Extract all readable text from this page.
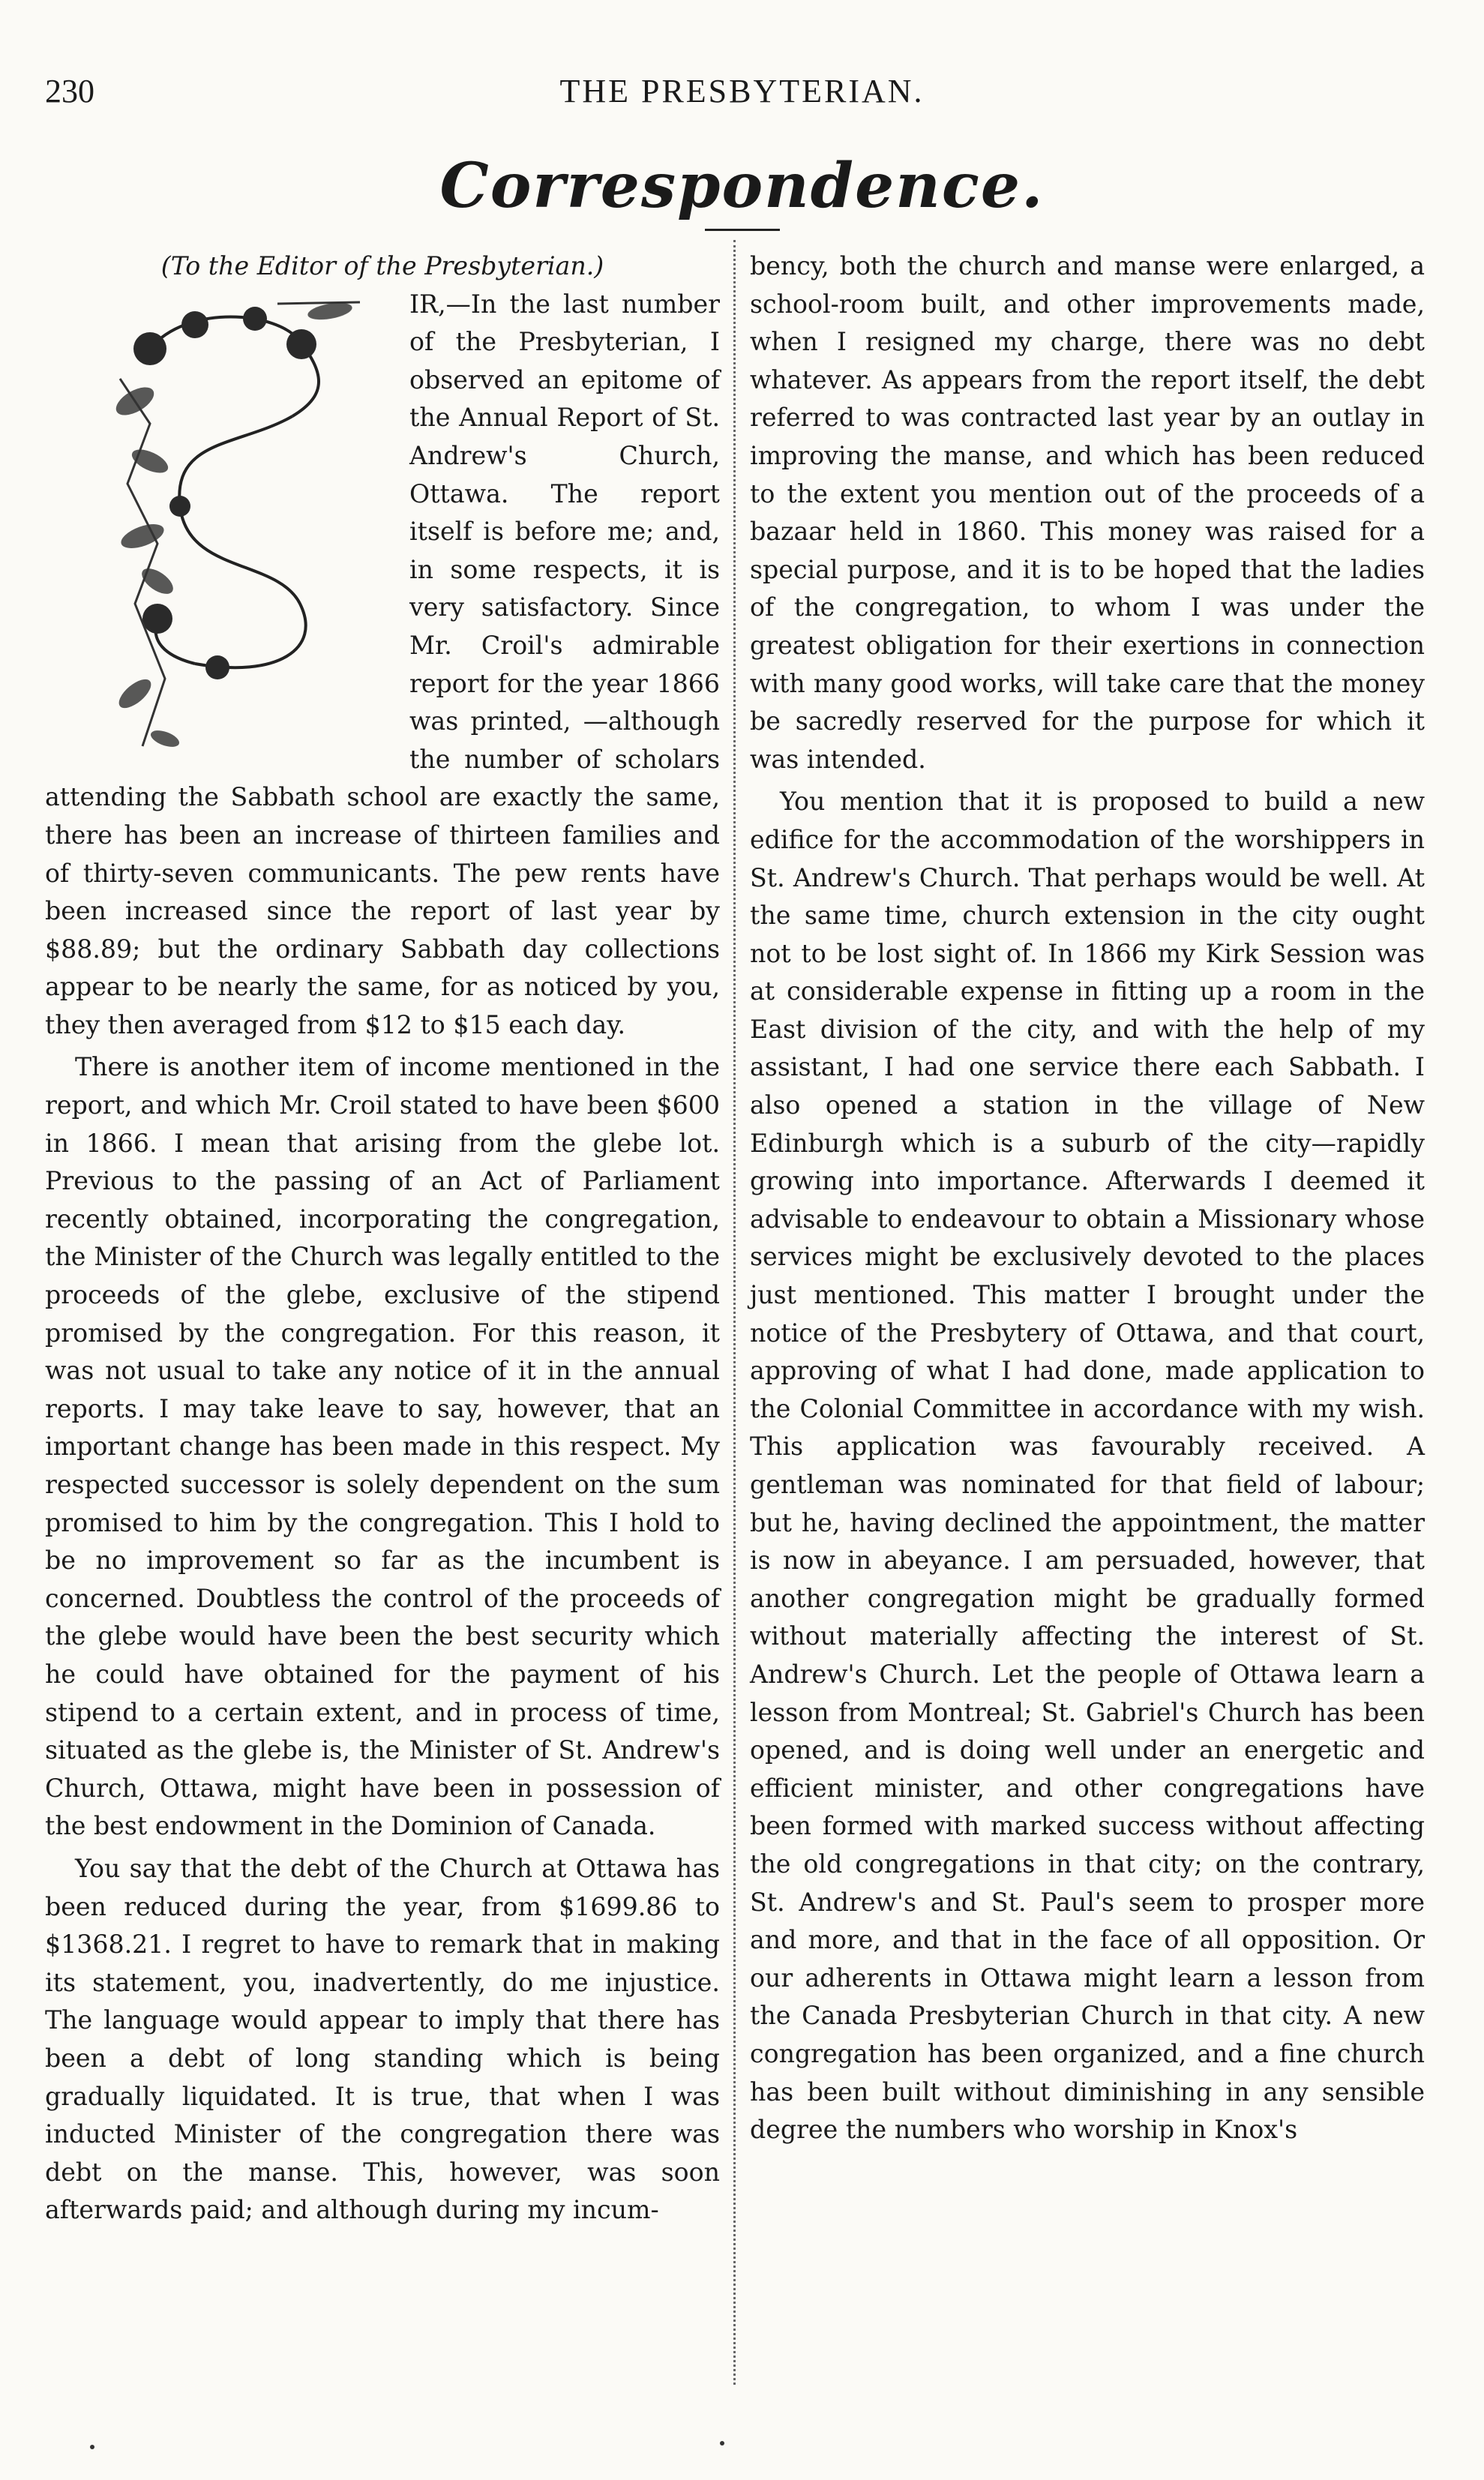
230	THE PRESBYTERIAN.
Correspondence.

(To the Editor of the Presbyterian.)

IR,—In the last number of the Presbyterian, I observed an epitome of the Annual Report of St. Andrew's Church, Ottawa. The report itself is before me; and, in some respects, it is very satisfactory. Since Mr. Croil's admirable report for the year 1866 was printed, —although the number of scholars attending the Sabbath school are exactly the same, there has been an increase of thirteen families and of thirty-seven communicants. The pew rents have been increased since the report of last year by $88.89; but the ordinary Sabbath day collections appear to be nearly the same, for as noticed by you, they then averaged from $12 to $15 each day.

There is another item of income mentioned in the report, and which Mr. Croil stated to have been $600 in 1866. I mean that arising from the glebe lot. Previous to the passing of an Act of Parliament recently obtained, incorporating the congregation, the Minister of the Church was legally entitled to the proceeds of the glebe, exclusive of the stipend promised by the congregation. For this reason, it was not usual to take any notice of it in the annual reports. I may take leave to say, however, that an important change has been made in this respect. My respected successor is solely dependent on the sum promised to him by the congregation. This I hold to be no improvement so far as the incumbent is concerned. Doubtless the control of the proceeds of the glebe would have been the best security which he could have obtained for the payment of his stipend to a certain extent, and in process of time, situated as the glebe is, the Minister of St. Andrew's Church, Ottawa, might have been in possession of the best endowment in the Dominion of Canada.

You say that the debt of the Church at Ottawa has been reduced during the year, from $1699.86 to $1368.21. I regret to have to remark that in making its statement, you, inadvertently, do me injustice. The language would appear to imply that there has been a debt of long standing which is being gradually liquidated. It is true, that when I was inducted Minister of the congregation there was debt on the manse. This, however, was soon afterwards paid; and although during my incum-

bency, both the church and manse were enlarged, a school-room built, and other improvements made, when I resigned my charge, there was no debt whatever. As appears from the report itself, the debt referred to was contracted last year by an outlay in improving the manse, and which has been reduced to the extent you mention out of the proceeds of a bazaar held in 1860. This money was raised for a special purpose, and it is to be hoped that the ladies of the congregation, to whom I was under the greatest obligation for their exertions in connection with many good works, will take care that the money be sacredly reserved for the purpose for which it was intended.

You mention that it is proposed to build a new edifice for the accommodation of the worshippers in St. Andrew's Church. That perhaps would be well. At the same time, church extension in the city ought not to be lost sight of. In 1866 my Kirk Session was at considerable expense in fitting up a room in the East division of the city, and with the help of my assistant, I had one service there each Sabbath. I also opened a station in the village of New Edinburgh which is a suburb of the city—rapidly growing into importance. Afterwards I deemed it advisable to endeavour to obtain a Missionary whose services might be exclusively devoted to the places just mentioned. This matter I brought under the notice of the Presbytery of Ottawa, and that court, approving of what I had done, made application to the Colonial Committee in accordance with my wish. This application was favourably received. A gentleman was nominated for that field of labour; but he, having declined the appointment, the matter is now in abeyance. I am persuaded, however, that another congregation might be gradually formed without materially affecting the interest of St. Andrew's Church. Let the people of Ottawa learn a lesson from Montreal; St. Gabriel's Church has been opened, and is doing well under an energetic and efficient minister, and other congregations have been formed with marked success without affecting the old congregations in that city; on the contrary, St. Andrew's and St. Paul's seem to prosper more and more, and that in the face of all opposition. Or our adherents in Ottawa might learn a lesson from the Canada Presbyterian Church in that city. A new congregation has been organized, and a fine church has been built without diminishing in any sensible degree the numbers who worship in Knox's
